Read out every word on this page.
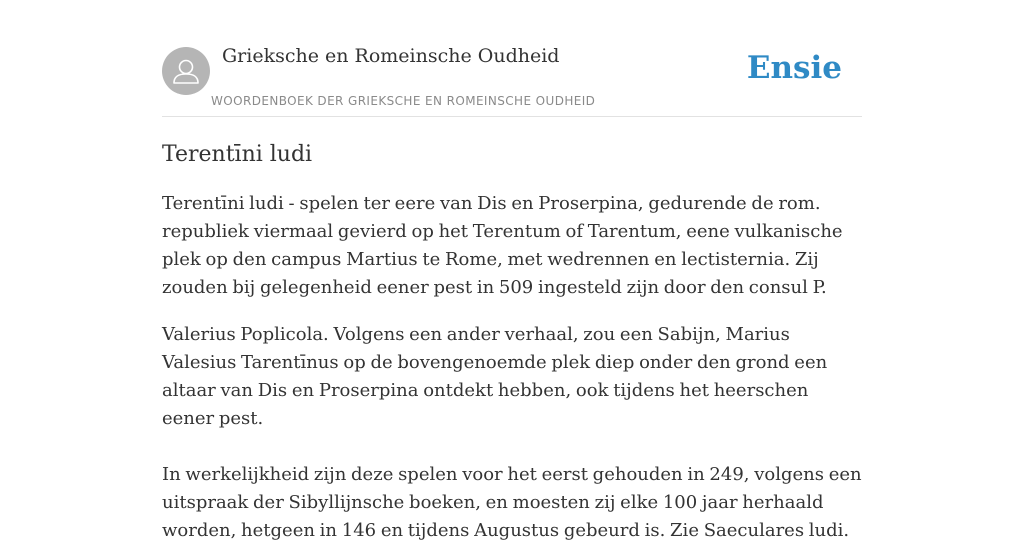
Grieksche en Romeinsche Oudheid
WOORDENBOEK DER GRIEKSCHE EN ROMEINSCHE OUDHEID
Ensie
Terentīni ludi

Terentīni ludi - spelen ter eere van Dis en Proserpina, gedurende de rom. republiek viermaal gevierd op het Terentum of Tarentum, eene vulkanische plek op den campus Martius te Rome, met wedrennen en lectisternia. Zij zouden bij gelegenheid eener pest in 509 ingesteld zijn door den consul P.

Valerius Poplicola. Volgens een ander verhaal, zou een Sabijn, Marius Valesius Tarentīnus op de bovengenoemde plek diep onder den grond een altaar van Dis en Proserpina ontdekt hebben, ook tijdens het heerschen eener pest.

In werkelijkheid zijn deze spelen voor het eerst gehouden in 249, volgens een uitspraak der Sibyllijnsche boeken, en moesten zij elke 100 jaar herhaald worden, hetgeen in 146 en tijdens Augustus gebeurd is. Zie Saeculares ludi.
